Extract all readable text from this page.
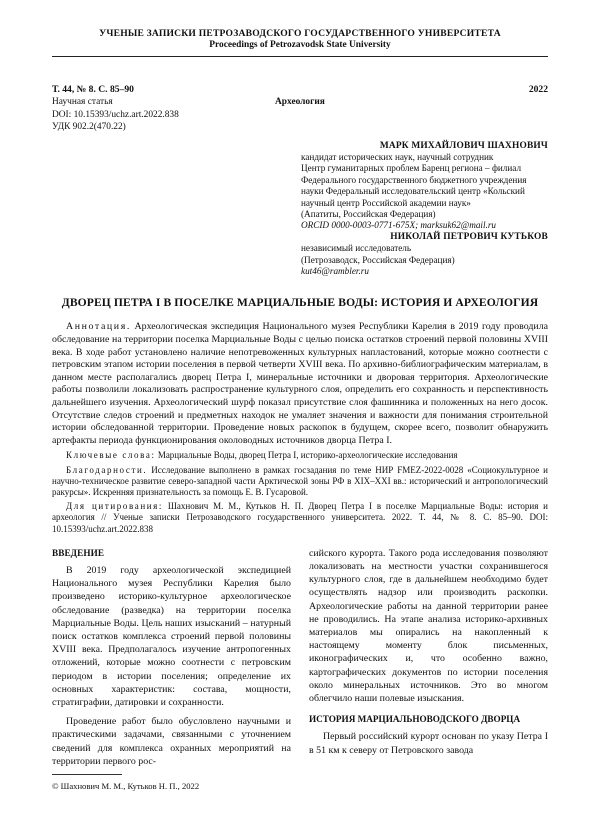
УЧЕНЫЕ ЗАПИСКИ ПЕТРОЗАВОДСКОГО ГОСУДАРСТВЕННОГО УНИВЕРСИТЕТА
Proceedings of Petrozavodsk State University
Т. 44, № 8. С. 85–90	2022
Научная статья	Археология
DOI: 10.15393/uchz.art.2022.838
УДК 902.2(470.22)
МАРК МИХАЙЛОВИЧ ШАХНОВИЧ
кандидат исторических наук, научный сотрудник
Центр гуманитарных проблем Баренц региона – филиал
Федерального государственного бюджетного учреждения
науки Федеральный исследовательский центр «Кольский
научный центр Российской академии наук»
(Апатиты, Российская Федерация)
ORCID 0000-0003-0771-675X; marksuk62@mail.ru
НИКОЛАЙ ПЕТРОВИЧ КУТЬКОВ
независимый исследователь
(Петрозаводск, Российская Федерация)
kut46@rambler.ru
ДВОРЕЦ ПЕТРА I В ПОСЕЛКЕ МАРЦИАЛЬНЫЕ ВОДЫ: ИСТОРИЯ И АРХЕОЛОГИЯ
Аннотация. Археологическая экспедиция Национального музея Республики Карелия в 2019 году проводила обследование на территории поселка Марциальные Воды с целью поиска остатков строений первой половины XVIII века. В ходе работ установлено наличие непотревоженных культурных напластований, которые можно соотнести с петровским этапом истории поселения в первой четверти XVIII века. По архивно-библиографическим материалам, в данном месте располагались дворец Петра I, минеральные источники и дворовая территория. Археологические работы позволили локализовать распространение культурного слоя, определить его сохранность и перспективность дальнейшего изучения. Археологический шурф показал присутствие слоя фашинника и положенных на него досок. Отсутствие следов строений и предметных находок не умаляет значения и важности для понимания строительной истории обследованной территории. Проведение новых раскопок в будущем, скорее всего, позволит обнаружить артефакты периода функционирования околоводных источников дворца Петра I.
Ключевые слова: Марциальные Воды, дворец Петра I, историко-археологические исследования
Благодарности. Исследование выполнено в рамках госзадания по теме НИР FMEZ-2022-0028 «Социокультурное и научно-техническое развитие северо-западной части Арктической зоны РФ в XIX–XXI вв.: исторический и антропологический ракурсы». Искренняя признательность за помощь Е. В. Гусаровой.
Для цитирования: Шахнович М. М., Кутьков Н. П. Дворец Петра I в поселке Марциальные Воды: история и археология // Ученые записки Петрозаводского государственного университета. 2022. Т. 44, № 8. С. 85–90. DOI: 10.15393/uchz.art.2022.838
ВВЕДЕНИЕ

В 2019 году археологической экспедицией Национального музея Республики Карелия было произведено историко-культурное археологическое обследование (разведка) на территории поселка Марциальные Воды. Цель наших изысканий – натурный поиск остатков комплекса строений первой половины XVIII века. Предполагалось изучение антропогенных отложений, которые можно соотнести с петровским периодом в истории поселения; определение их основных характеристик: состава, мощности, стратиграфии, датировки и сохранности.

Проведение работ было обусловлено научными и практическими задачами, связанными с уточнением сведений для комплекса охранных мероприятий на территории первого рос-

сийского курорта. Такого рода исследования позволяют локализовать на местности участки сохранившегося культурного слоя, где в дальнейшем необходимо будет осуществлять надзор или производить раскопки. Археологические работы на данной территории ранее не проводились. На этапе анализа историко-архивных материалов мы опирались на накопленный к настоящему моменту блок письменных, иконографических и, что особенно важно, картографических документов по истории поселения около минеральных источников. Это во многом облегчило наши полевые изыскания.

ИСТОРИЯ МАРЦИАЛЬНОВОДСКОГО ДВОРЦА

Первый российский курорт основан по указу Петра I в 51 км к северу от Петровского завода

© Шахнович М. М., Кутьков Н. П., 2022
